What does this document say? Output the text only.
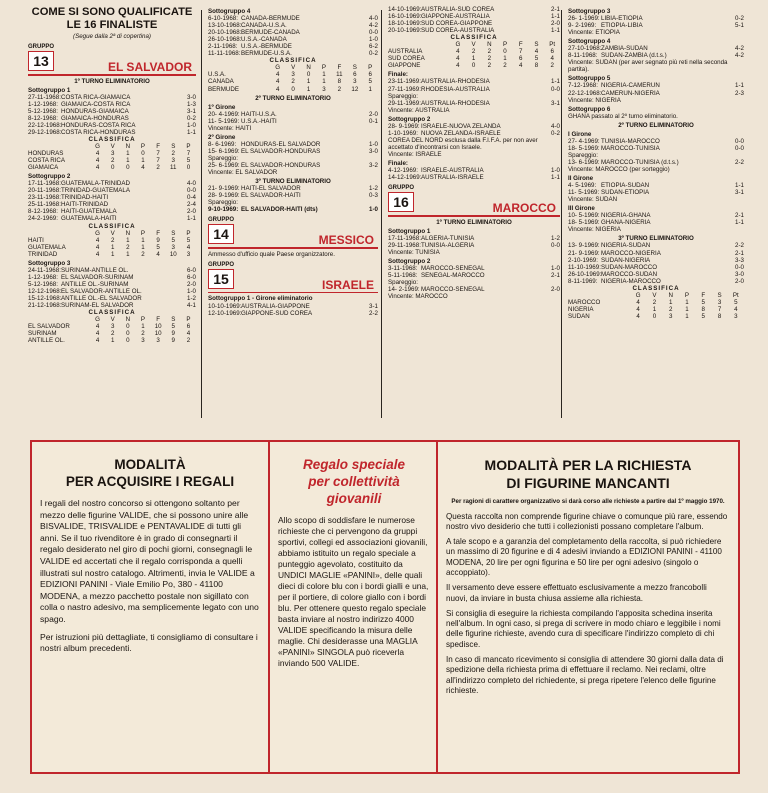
COME SI SONO QUALIFICATE
LE 16 FINALISTE
(Segue dalla 2ª di copertina)
GRUPPO
13	EL SALVADOR
1º TURNO ELIMINATORIO
Sottogruppo 1
27-11-1968: COSTA RICA-GIAMAICA	3-0
1-12-1968: GIAMAICA-COSTA RICA	1-3
5-12-1968: HONDURAS-GIAMAICA	3-1
8-12-1968: GIAMAICA-HONDURAS	0-2
22-12-1968: HONDURAS-COSTA RICA	1-0
29-12-1968: COSTA RICA-HONDURAS	1-1
CLASSIFICA
G	V	N	P	F	S	P
HONDURAS	4	3	1	0	7	2	7
COSTA RICA	4	2	1	1	7	3	5
GIAMAICA	4	0	0	4	2	11	0
Sottogruppo 2
17-11-1968: GUATEMALA-TRINIDAD	4-0
20-11-1968: TRINIDAD-GUATEMALA	0-0
23-11-1968: TRINIDAD-HAITI	0-4
25-11-1968: HAITI-TRINIDAD	2-4
8-12-1968: HAITI-GUATEMALA	2-0
24-2-1969: GUATEMALA-HAITI	1-1
CLASSIFICA
G	V	N	P	F	S	P
HAITI	4	2	1	1	9	5	5
GUATEMALA	4	1	2	1	5	3	4
TRINIDAD	4	1	1	2	4	10	3
Sottogruppo 3
24-11-1968: SURINAM-ANTILLE OL.	6-0
1-12-1968: EL SALVADOR-SURINAM	6-0
5-12-1968: ANTILLE OL.-SURINAM	2-0
12-12-1968: EL SALVADOR-ANTILLE OL.	1-0
15-12-1968: ANTILLE OL.-EL SALVADOR	1-2
21-12-1968: SURINAM-EL SALVADOR	4-1
CLASSIFICA
G	V	N	P	F	S	P
EL SALVADOR	4	3	0	1	10	5	6
SURINAM	4	2	0	2	10	9	4
ANTILLE OL.	4	1	0	3	3	9	2
Sottogruppo 4
6-10-1968: CANADA-BERMUDE	4-0
13-10-1968: CANADA-U.S.A.	4-2
20-10-1968: BERMUDE-CANADA	0-0
26-10-1968: U.S.A.-CANADA	1-0
2-11-1968: U.S.A.-BERMUDE	6-2
11-11-1968: BERMUDE-U.S.A.	0-2
CLASSIFICA
G	V	N	P	F	S	P
U.S.A.	4	3	0	1	11	6	6
CANADA	4	2	1	1	8	3	5
BERMUDE	4	0	1	3	2	12	1
2º TURNO ELIMINATORIO
1º Girone
20- 4-1969: HAITI-U.S.A.	2-0
11- 5-1969: U.S.A.-HAITI	0-1
Vincente: HAITI
2º Girone
8- 6-1969: HONDURAS-EL SALVADOR	1-0
15- 6-1969: EL SALVADOR-HONDURAS	3-0
Spareggio:
25- 6-1969: EL SALVADOR-HONDURAS	3-2
Vincente: EL SALVADOR
3º TURNO ELIMINATORIO
21- 9-1969: HAITI-EL SALVADOR	1-2
28- 9-1969: EL SALVADOR-HAITI	0-3
Spareggio:
9-10-1969: EL SALVADOR-HAITI (dts)	1-0
GRUPPO
14	MESSICO
Ammesso d'ufficio quale Paese organizzatore.
GRUPPO
15	ISRAELE
Sottogruppo 1 - Girone eliminatorio
10-10-1969: AUSTRALIA-GIAPPONE	3-1
12-10-1969: GIAPPONE-SUD COREA	2-2
14-10-1969: AUSTRALIA-SUD COREA	2-1
16-10-1969: GIAPPONE-AUSTRALIA	1-1
18-10-1969: SUD COREA-GIAPPONE	2-0
20-10-1969: SUD COREA-AUSTRALIA	1-1
CLASSIFICA
G	V	N	P	F	S	Pt
AUSTRALIA	4	2	2	0	7	4	6
SUD COREA	4	1	2	1	6	5	4
GIAPPONE	4	0	2	2	4	8	2
Finale:
23-11-1969: AUSTRALIA-RHODESIA	1-1
27-11-1969: RHODESIA-AUSTRALIA	0-0
Spareggio:
29-11-1969: AUSTRALIA-RHODESIA	3-1
Vincente: AUSTRALIA
Sottogruppo 2
28- 9-1969: ISRAELE-NUOVA ZELANDA	4-0
1-10-1969: NUOVA ZELANDA-ISRAELE	0-2
COREA DEL NORD esclusa dalla F.I.F.A. per non aver accettato d'incontrarsi con Israele.
Vincente: ISRAELE
Finale:
4-12-1969: ISRAELE-AUSTRALIA	1-0
14-12-1969: AUSTRALIA-ISRAELE	1-1
GRUPPO
16	MAROCCO
1º TURNO ELIMINATORIO
Sottogruppo 1
17-11-1968: ALGERIA-TUNISIA	1-2
29-11-1968: TUNISIA-ALGERIA	0-0
Vincente: TUNISIA
Sottogruppo 2
3-11-1968: MAROCCO-SENEGAL	1-0
5-11-1968: SENEGAL-MAROCCO	2-1
Spareggio:
14- 2-1969: MAROCCO-SENEGAL	2-0
Vincente: MAROCCO
Sottogruppo 3
26- 1-1969: LIBIA-ETIOPIA	0-2
9- 2-1969: ETIOPIA-LIBIA	5-1
Vincente: ETIOPIA
Sottogruppo 4
27-10-1968: ZAMBIA-SUDAN	4-2
8-11-1968: SUDAN-ZAMBIA (d.t.s.)	4-2
Vincente: SUDAN (per aver segnato più reti nella seconda partita).
Sottogruppo 5
7-12-1968: NIGERIA-CAMERUN	1-1
22-12-1968: CAMERUN-NIGERIA	2-3
Vincente: NIGERIA
Sottogruppo 6
GHANA passato al 2º turno eliminatorio.
2º TURNO ELIMINATORIO
I Girone
27- 4-1969: TUNISIA-MAROCCO	0-0
18- 5-1969: MAROCCO-TUNISIA	0-0
Spareggio:
13- 6-1969: MAROCCO-TUNISIA (d.t.s.)	2-2
Vincente: MAROCCO (per sorteggio)
II Girone
4- 5-1969: ETIOPIA-SUDAN	1-1
11- 5-1969: SUDAN-ETIOPIA	3-1
Vincente: SUDAN
III Girone
10- 5-1969: NIGERIA-GHANA	2-1
18- 5-1969: GHANA-NIGERIA	1-1
Vincente: NIGERIA
3º TURNO ELIMINATORIO
13- 9-1969: NIGERIA-SUDAN	2-2
21- 9-1969: MAROCCO-NIGERIA	2-1
2-10-1969: SUDAN-NIGERIA	3-3
11-10-1969: SUDAN-MAROCCO	0-0
26-10-1969: MAROCCO-SUDAN	3-0
8-11-1969: NIGERIA-MAROCCO	2-0
CLASSIFICA
G	V	N	P	F	S	Pt
MAROCCO	4	2	1	1	5	3	5
NIGERIA	4	1	2	1	8	7	4
SUDAN	4	0	3	1	5	8	3
MODALITÀ
PER ACQUISIRE I REGALI

I regali del nostro concorso si ottengono soltanto per mezzo delle figurine VALIDE, che si possono unire alle BISVALIDE, TRISVALIDE e PENTAVALIDE di tutti gli anni. Se il tuo rivenditore è in grado di consegnarti il regalo desiderato nel giro di pochi giorni, consegnagli le VALIDE ed accertati che il regalo corrisponda a quelli illustrati sul nostro catalogo. Altrimenti, invia le VALIDE a EDIZIONI PANINI - Viale Emilio Po, 380 - 41100 MODENA, a mezzo pacchetto postale non sigillato con colla o nastro adesivo, ma semplicemente legato con uno spago.

Per istruzioni più dettagliate, ti consigliamo di consultare i nostri album precedenti.

Regalo speciale
per collettività
giovanili

Allo scopo di soddisfare le numerose richieste che ci pervengono da gruppi sportivi, collegi ed associazioni giovanili, abbiamo istituito un regalo speciale a punteggio agevolato, costituito da UNDICI MAGLIE «PANINI», delle quali dieci di colore blu con i bordi gialli e una, per il portiere, di colore giallo con i bordi blu. Per ottenere questo regalo speciale basta inviare al nostro indirizzo 4000 VALIDE specificando la misura delle maglie. Chi desiderasse una MAGLIA «PANINI» SINGOLA può riceverla inviando 500 VALIDE.

MODALITÀ PER LA RICHIESTA
DI FIGURINE MANCANTI
Per ragioni di carattere organizzativo si darà corso alle richieste a partire dal 1º maggio 1970.

Questa raccolta non comprende figurine chiave o comunque più rare, essendo nostro vivo desiderio che tutti i collezionisti possano completare l'album.

A tale scopo e a garanzia del completamento della raccolta, si può richiedere un massimo di 20 figurine e di 4 adesivi inviando a EDIZIONI PANINI - 41100 MODENA, 20 lire per ogni figurina e 50 lire per ogni adesivo (singolo o accoppiato).

Il versamento deve essere effettuato esclusivamente a mezzo francobolli nuovi, da inviare in busta chiusa assieme alla richiesta.

Si consiglia di eseguire la richiesta compilando l'apposita schedina inserita nell'album. In ogni caso, si prega di scrivere in modo chiaro e leggibile i nomi delle figurine richieste, avendo cura di specificare l'indirizzo completo di chi spedisce.

In caso di mancato ricevimento si consiglia di attendere 30 giorni dalla data di spedizione della richiesta prima di effettuare il reclamo. Nei reclami, oltre all'indirizzo completo del richiedente, si prega ripetere l'elenco delle figurine richieste.
